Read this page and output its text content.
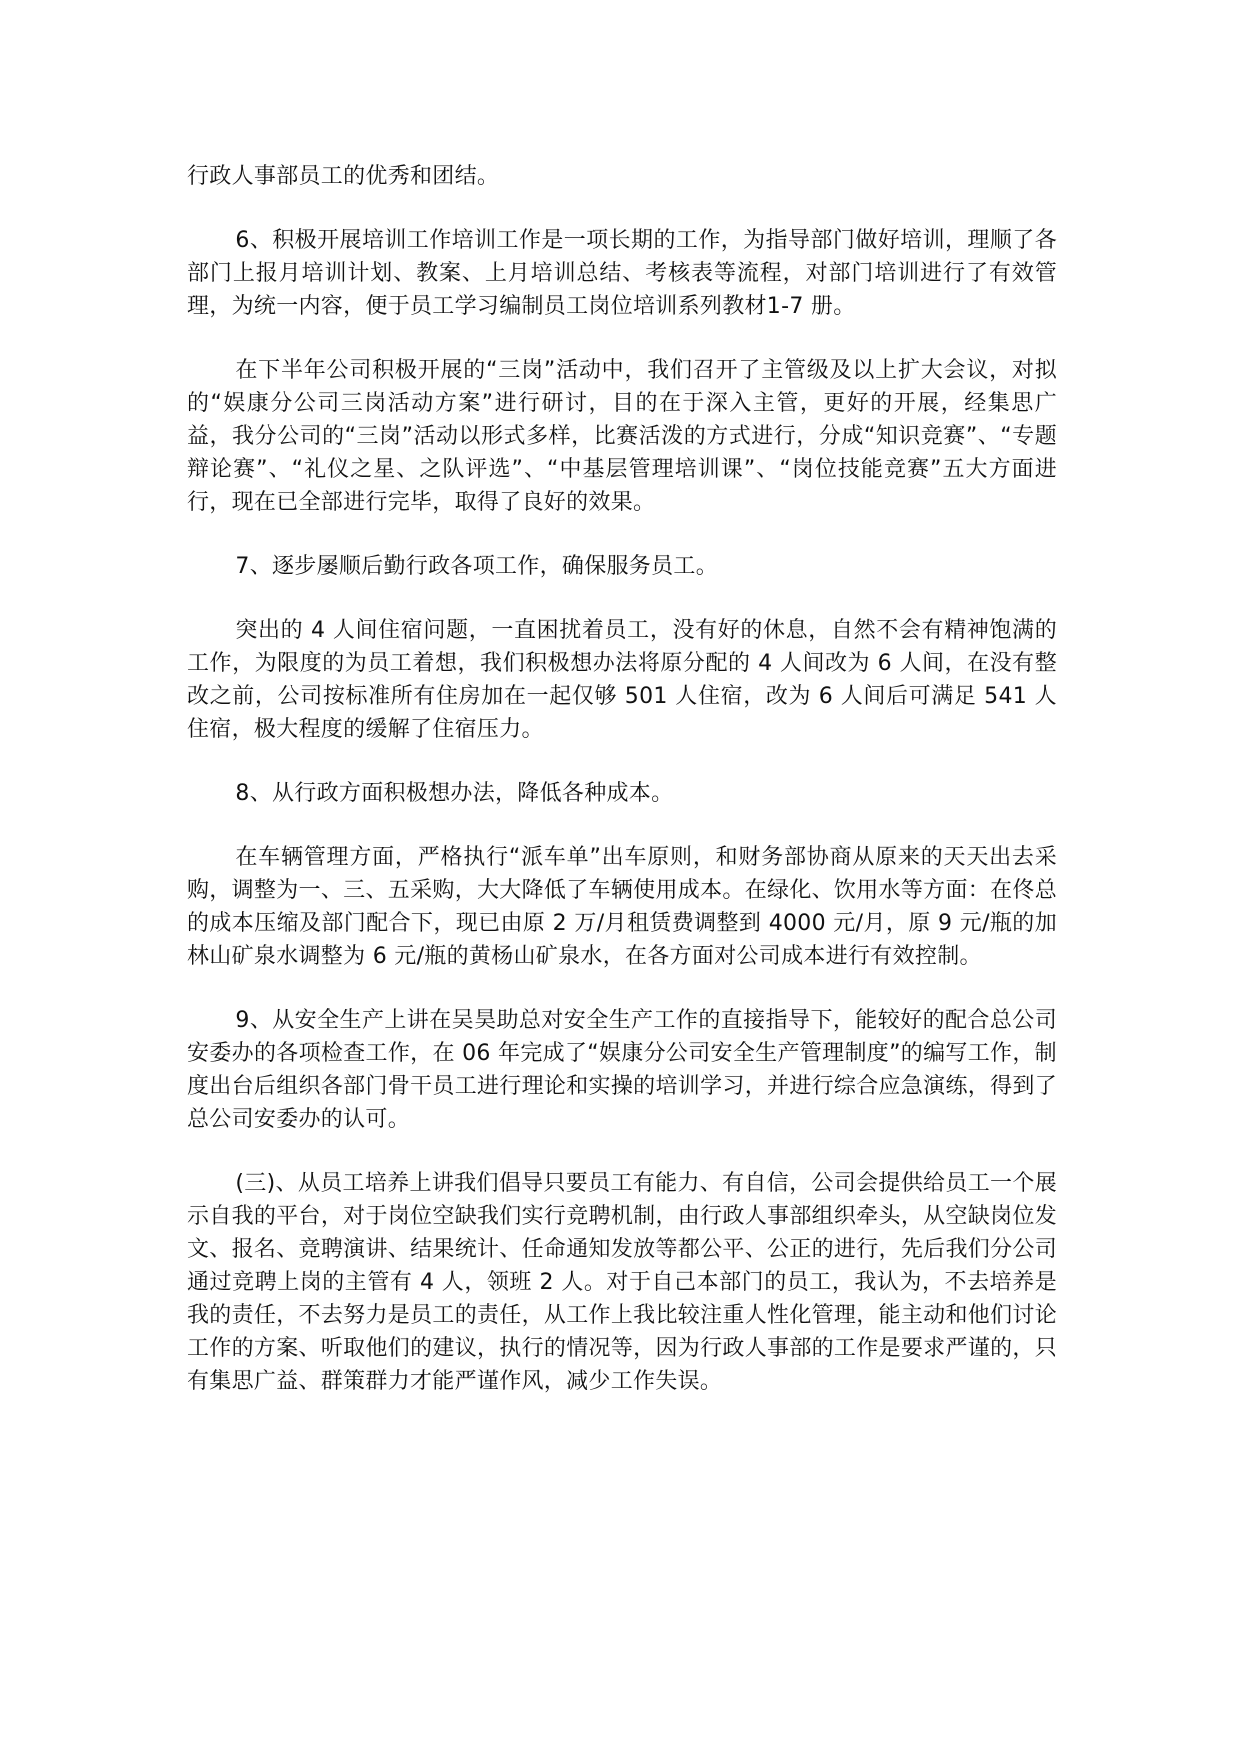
行政人事部员工的优秀和团结。

6、积极开展培训工作培训工作是一项长期的工作，为指导部门做好培训，理顺了各部门上报月培训计划、教案、上月培训总结、考核表等流程，对部门培训进行了有效管理，为统一内容，便于员工学习编制员工岗位培训系列教材1-7 册。

在下半年公司积极开展的“三岗”活动中，我们召开了主管级及以上扩大会议，对拟的“娱康分公司三岗活动方案”进行研讨，目的在于深入主管，更好的开展，经集思广益，我分公司的“三岗”活动以形式多样，比赛活泼的方式进行，分成“知识竞赛”、“专题辩论赛”、“礼仪之星、之队评选”、“中基层管理培训课”、“岗位技能竞赛”五大方面进行，现在已全部进行完毕，取得了良好的效果。

7、逐步屡顺后勤行政各项工作，确保服务员工。

突出的 4 人间住宿问题，一直困扰着员工，没有好的休息，自然不会有精神饱满的工作，为限度的为员工着想，我们积极想办法将原分配的 4 人间改为 6 人间，在没有整改之前，公司按标准所有住房加在一起仅够 501 人住宿，改为 6 人间后可满足 541 人住宿，极大程度的缓解了住宿压力。

8、从行政方面积极想办法，降低各种成本。

在车辆管理方面，严格执行“派车单”出车原则，和财务部协商从原来的天天出去采购，调整为一、三、五采购，大大降低了车辆使用成本。在绿化、饮用水等方面：在佟总的成本压缩及部门配合下，现已由原 2 万/月租赁费调整到 4000 元/月，原 9 元/瓶的加林山矿泉水调整为 6 元/瓶的黄杨山矿泉水，在各方面对公司成本进行有效控制。

9、从安全生产上讲在吴昊助总对安全生产工作的直接指导下，能较好的配合总公司安委办的各项检查工作，在 06 年完成了“娱康分公司安全生产管理制度”的编写工作，制度出台后组织各部门骨干员工进行理论和实操的培训学习，并进行综合应急演练，得到了总公司安委办的认可。

(三)、从员工培养上讲我们倡导只要员工有能力、有自信，公司会提供给员工一个展示自我的平台，对于岗位空缺我们实行竞聘机制，由行政人事部组织牵头，从空缺岗位发文、报名、竞聘演讲、结果统计、任命通知发放等都公平、公正的进行，先后我们分公司通过竞聘上岗的主管有 4 人，领班 2 人。对于自己本部门的员工，我认为，不去培养是我的责任，不去努力是员工的责任，从工作上我比较注重人性化管理，能主动和他们讨论工作的方案、听取他们的建议，执行的情况等，因为行政人事部的工作是要求严谨的，只有集思广益、群策群力才能严谨作风，减少工作失误。
